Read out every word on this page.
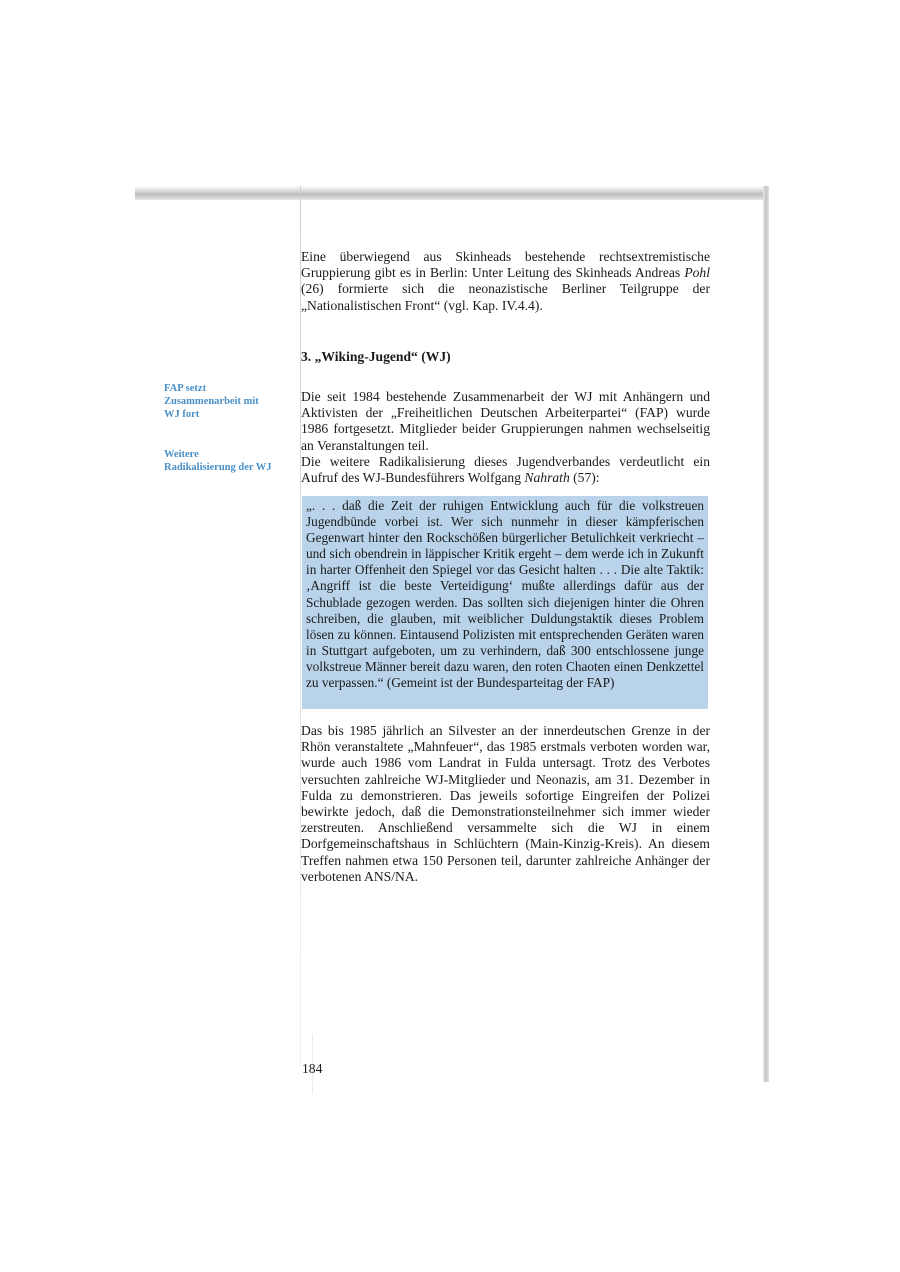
FAP setzt Zusammenarbeit mit WJ fort
Weitere Radikalisierung der WJ

Eine überwiegend aus Skinheads bestehende rechtsextremistische Gruppierung gibt es in Berlin: Unter Leitung des Skinheads Andreas Pohl (26) formierte sich die neonazistische Berliner Teilgruppe der „Nationalistischen Front“ (vgl. Kap. IV.4.4).

3. „Wiking-Jugend“ (WJ)

Die seit 1984 bestehende Zusammenarbeit der WJ mit Anhängern und Aktivisten der „Freiheitlichen Deutschen Arbeiterpartei“ (FAP) wurde 1986 fortgesetzt. Mitglieder beider Gruppierungen nahmen wechselseitig an Veranstaltungen teil.

Die weitere Radikalisierung dieses Jugendverbandes verdeutlicht ein Aufruf des WJ-Bundesführers Wolfgang Nahrath (57):

„. . . daß die Zeit der ruhigen Entwicklung auch für die volkstreuen Jugendbünde vorbei ist. Wer sich nunmehr in dieser kämpferischen Gegenwart hinter den Rockschößen bürgerlicher Betulichkeit verkriecht – und sich obendrein in läppischer Kritik ergeht – dem werde ich in Zukunft in harter Offenheit den Spiegel vor das Gesicht halten . . . Die alte Taktik: ‚Angriff ist die beste Verteidigung‘ mußte allerdings dafür aus der Schublade gezogen werden. Das sollten sich diejenigen hinter die Ohren schreiben, die glauben, mit weiblicher Duldungstaktik dieses Problem lösen zu können. Eintausend Polizisten mit entsprechenden Geräten waren in Stuttgart aufgeboten, um zu verhindern, daß 300 entschlossene junge volkstreue Männer bereit dazu waren, den roten Chaoten einen Denkzettel zu verpassen.“ (Gemeint ist der Bundesparteitag der FAP)

Das bis 1985 jährlich an Silvester an der innerdeutschen Grenze in der Rhön veranstaltete „Mahnfeuer“, das 1985 erstmals verboten worden war, wurde auch 1986 vom Landrat in Fulda untersagt. Trotz des Verbotes versuchten zahlreiche WJ-Mitglieder und Neonazis, am 31. Dezember in Fulda zu demonstrieren. Das jeweils sofortige Eingreifen der Polizei bewirkte jedoch, daß die Demonstrationsteilnehmer sich immer wieder zerstreuten. Anschließend versammelte sich die WJ in einem Dorfgemeinschaftshaus in Schlüchtern (Main-Kinzig-Kreis). An diesem Treffen nahmen etwa 150 Personen teil, darunter zahlreiche Anhänger der verbotenen ANS/NA.

184
